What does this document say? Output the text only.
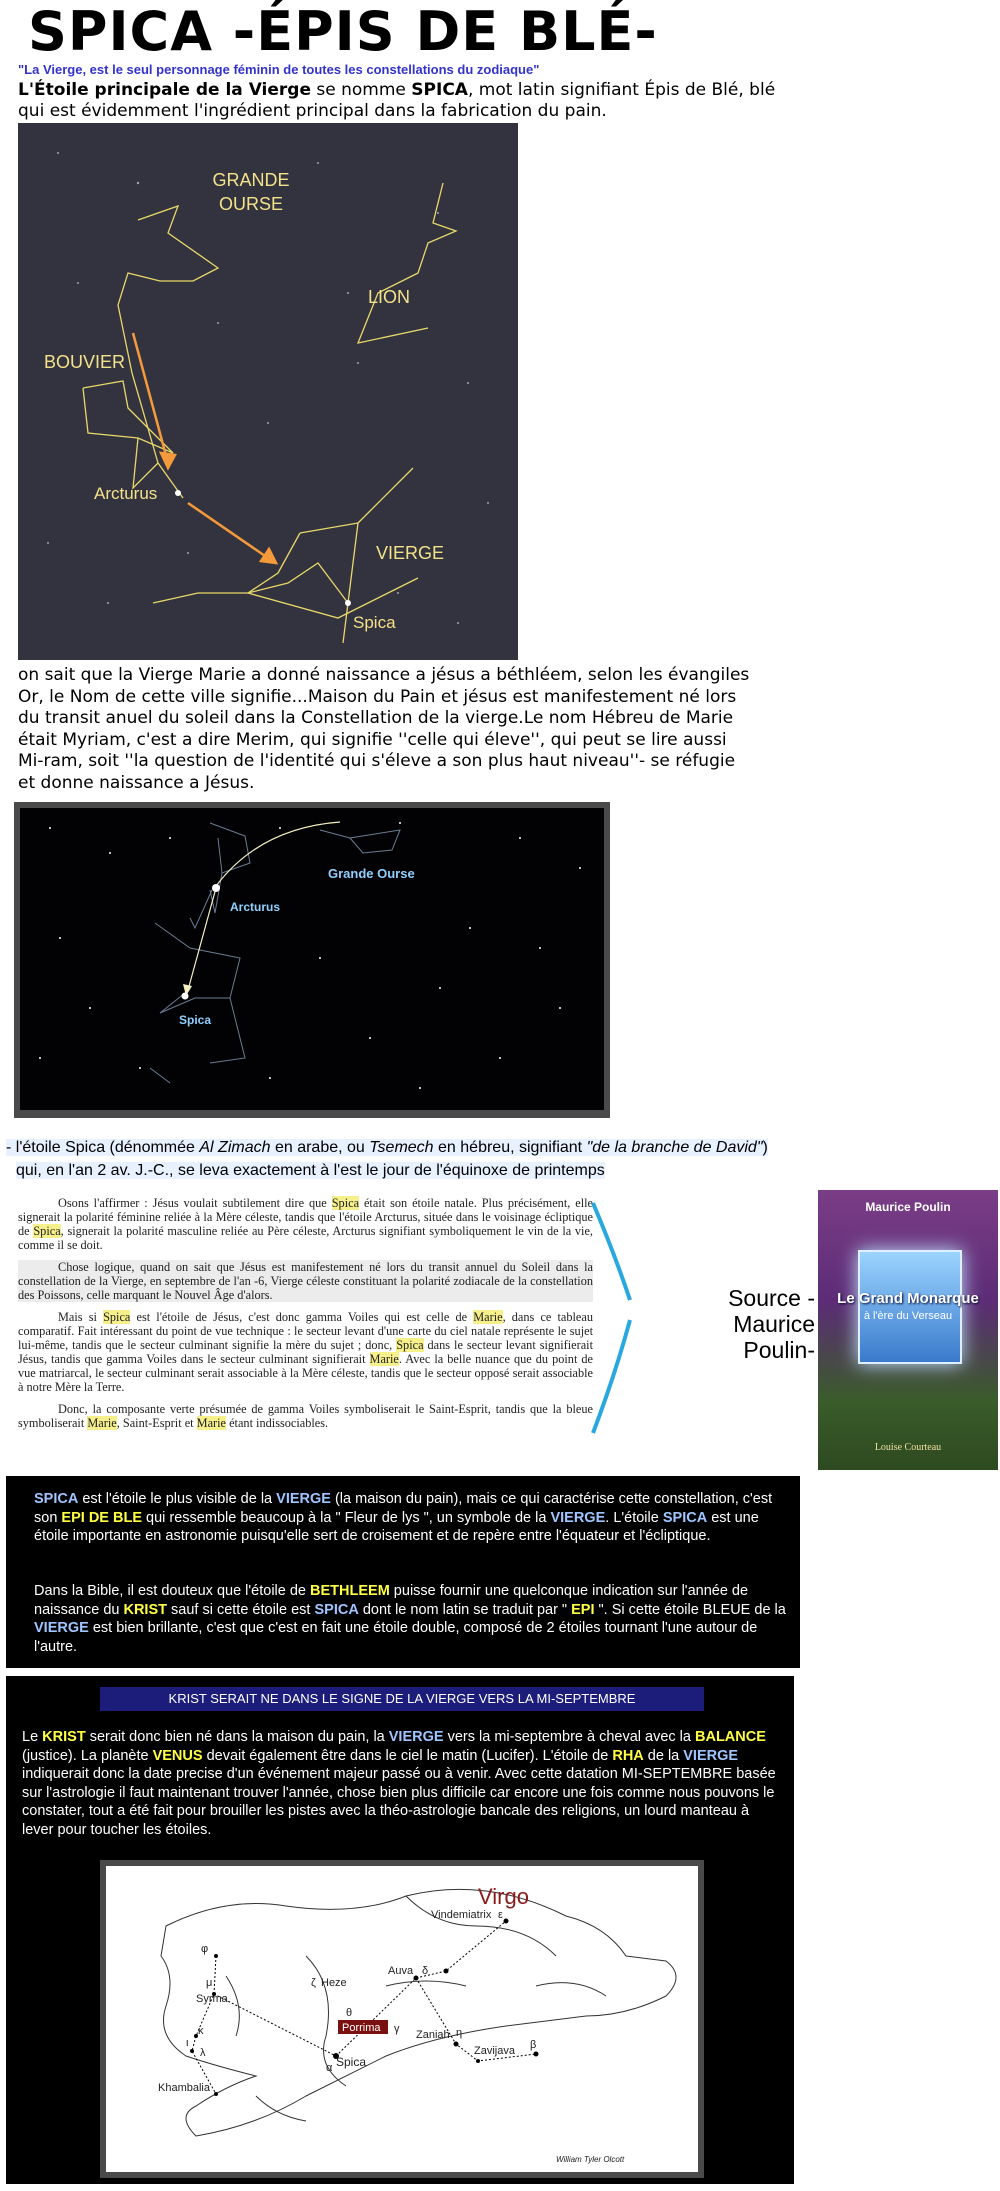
SPICA -ÉPIS DE BLÉ-
"La Vierge, est le seul personnage féminin de toutes les constellations du zodiaque"
L'Étoile principale de la Vierge se nomme SPICA, mot latin signifiant Épis de Blé, blé qui est évidemment l'ingrédient principal dans la fabrication du pain.
GRANDE
OURSE
LION
BOUVIER
Arcturus
VIERGE
Spica
on sait que la Vierge Marie a donné naissance a jésus a béthléem, selon les évangiles
Or, le Nom de cette ville signifie...Maison du Pain et jésus est manifestement né lors
du transit anuel du soleil dans la Constellation de la vierge.Le nom Hébreu de Marie
était Myriam, c'est a dire Merim, qui signifie ''celle qui éleve'', qui peut se lire aussi
Mi-ram, soit ''la question de l'identité qui s'éleve a son plus haut niveau''- se réfugie
et donne naissance a Jésus.
Grande Ourse
Arcturus
Spica
- l'étoile Spica (dénommée Al Zimach en arabe, ou Tsemech en hébreu, signifiant "de la branche de David")
qui, en l'an 2 av. J.-C., se leva exactement à l'est le jour de l'équinoxe de printemps

Osons l'affirmer : Jésus voulait subtilement dire que Spica était son étoile natale. Plus précisément, elle signerait la polarité féminine reliée à la Mère céleste, tandis que l'étoile Arcturus, située dans le voisinage écliptique de Spica, signerait la polarité masculine reliée au Père céleste, Arcturus signifiant symboliquement le vin de la vie, comme il se doit.

Chose logique, quand on sait que Jésus est manifestement né lors du transit annuel du Soleil dans la constellation de la Vierge, en septembre de l'an -6, Vierge céleste constituant la polarité zodiacale de la constellation des Poissons, celle marquant le Nouvel Âge d'alors.

Mais si Spica est l'étoile de Jésus, c'est donc gamma Voiles qui est celle de Marie, dans ce tableau comparatif. Fait intéressant du point de vue technique : le secteur levant d'une carte du ciel natale représente le sujet lui-même, tandis que le secteur culminant signifie la mère du sujet ; donc, Spica dans le secteur levant signifierait Jésus, tandis que gamma Voiles dans le secteur culminant signifierait Marie. Avec la belle nuance que du point de vue matriarcal, le secteur culminant serait associable à la Mère céleste, tandis que le secteur opposé serait associable à notre Mère la Terre.

Donc, la composante verte présumée de gamma Voiles symboliserait le Saint-Esprit, tandis que la bleue symboliserait Marie, Saint-Esprit et Marie étant indissociables.

Source - Maurice
Poulin-
Maurice Poulin
Le Grand Monarque
à l'ère du Verseau
Louise Courteau

SPICA est l'étoile le plus visible de la VIERGE (la maison du pain), mais ce qui caractérise cette constellation, c'est son EPI DE BLE qui ressemble beaucoup à la " Fleur de lys ", un symbole de la VIERGE. L'étoile SPICA est une étoile importante en astronomie puisqu'elle sert de croisement et de repère entre l'équateur et l'écliptique.

Dans la Bible, il est douteux que l'étoile de BETHLEEM puisse fournir une quelconque indication sur l'année de naissance du KRIST sauf si cette étoile est SPICA dont le nom latin se traduit par " EPI ". Si cette étoile BLEUE de la VIERGE est bien brillante, c'est que c'est en fait une étoile double, composé de 2 étoiles tournant l'une autour de l'autre.

KRIST SERAIT NE DANS LE SIGNE DE LA VIERGE VERS LA MI-SEPTEMBRE
Le KRIST serait donc bien né dans la maison du pain, la VIERGE vers la mi-septembre à cheval avec la BALANCE (justice). La planète VENUS devait également être dans le ciel le matin (Lucifer). L'étoile de RHA de la VIERGE indiquerait donc la date precise d'un événement majeur passé ou à venir. Avec cette datation MI-SEPTEMBRE basée sur l'astrologie il faut maintenant trouver l'année, chose bien plus difficile car encore une fois comme nous pouvons le constater, tout a été fait pour brouiller les pistes avec la théo-astrologie bancale des religions, un lourd manteau à lever pour toucher les étoiles.
Virgo
Vindemiatrix ε
φ
μ
Syrma
ι
κ
λ
ζ Heze
Auva δ
θ
Porrima γ Zaniah η
Zavijava β
α Spica
Khambalia
William Tyler Olcott
